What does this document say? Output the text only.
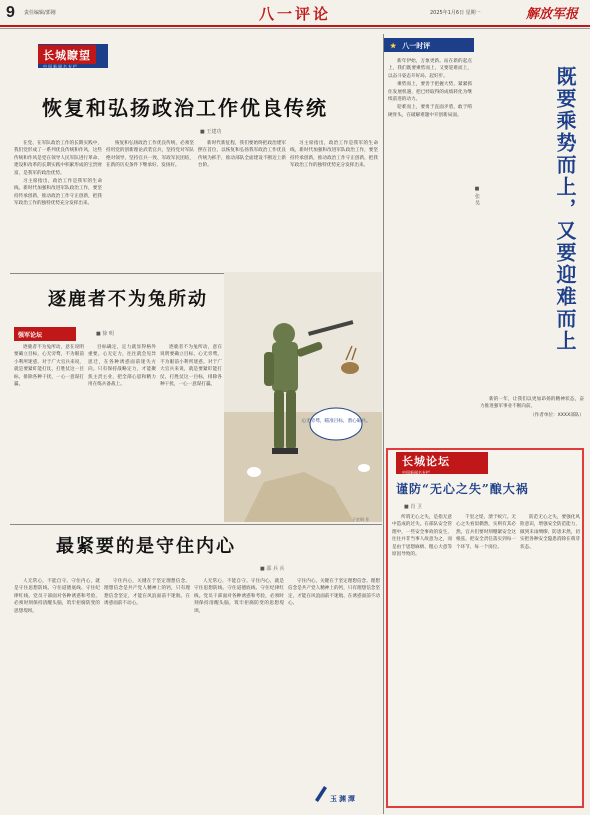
9 责任编辑/郭刚	八一评论	2025年1月6日 星期一	解放军报
长城瞭望
中国新闻名专栏
恢复和弘扬政治工作优良传统
■ 王建功

在党、在军队政治工作的长期实践中，我们党形成了一系列优良传统和作风，这些传统和作风是党在领导人民军队进行革命、建设和改革的长期实践中积累形成的宝贵财富，是我军的政治优势。

习主席指出，政治工作是我军的生命线。新时代加强和改进军队政治工作，要坚持传承创新，推动政治工作守正创新，把我军政治工作的独特优势充分发挥出来。

恢复和弘扬政治工作优良传统，必须坚持用党的创新理论武装官兵，坚持党对军队绝对领导，坚持官兵一致、军政军民团结，在新的历史条件下继承好、发扬好。

新时代新征程，我们要始终把政治建军摆在首位，以恢复和弘扬我军政治工作优良传统为抓手，推动部队全面建设不断迈上新台阶。

习主席指出，政治工作是我军的生命线。新时代加强和改进军队政治工作，要坚持传承创新，推动政治工作守正创新，把我军政治工作的独特优势充分发挥出来。

逐鹿者不为兔所动
强军论坛	■ 徐 明

逐鹿者不为兔所动，意在说明要确立目标，心无旁骛，不为眼前小利所迷惑。对于广大官兵来说，就是要紧盯能打仗、打胜仗这一目标，排除各种干扰，一心一意谋打赢。

目标确定，定力就显得格外重要。心无定力，往往就会见异思迁，在各种诱惑面前迷失方向。只有保持战略定力，才能聚焦主责主业，把全部心思和精力用在练兵备战上。

逐鹿者不为兔所动，意在说明要确立目标，心无旁骛，不为眼前小利所迷惑。对于广大官兵来说，就是要紧盯能打仗、打胜仗这一目标，排除各种干扰，一心一意谋打赢。

心无旁骛，瞄准目标，潜心砺兵。
于宏纲 作
最紧要的是守住内心
■ 邵 兵 兵

人无常心，不能自守。守住内心，就是守住思想防线、守住道德底线、守住纪律红线。党员干部面对各种诱惑和考验，必须时刻保持清醒头脑，筑牢拒腐防变的思想堤坝。

守住内心，关键在于坚定理想信念。理想信念是共产党人精神上的钙，只有理想信念坚定，才能在风浪面前不迷航、在诱惑面前不动心。

人无常心，不能自守。守住内心，就是守住思想防线、守住道德底线、守住纪律红线。党员干部面对各种诱惑和考验，必须时刻保持清醒头脑，筑牢拒腐防变的思想堤坝。

守住内心，关键在于坚定理想信念。理想信念是共产党人精神上的钙，只有理想信念坚定，才能在风浪面前不迷航、在诱惑面前不动心。

玉 渊 潭
★ 八一时评
既要乘势而上，又要迎难而上
■ 张 昊

新年伊始，万象更新。站在新的起点上，我们既要乘势而上，又要迎难而上，以奋斗姿态开好局、起好步。

乘势而上，要善于把握大势，紧紧抓住发展机遇，把已经取得的成绩转化为继续前进的动力。

迎难而上，要勇于直面矛盾，敢于啃硬骨头，在破解难题中开创新局面。

新的一年，让我们以更加昂扬的精神状态，奋力推进强军事业不断向前。

（作者单位：XXXX部队）

长城论坛
中国新闻名专栏
谨防“无心之失”酿大祸
■ 肖 卫

所谓无心之失，是指无意中造成的过失。在部队安全管理中，一些安全事故的发生，往往并非当事人故意为之，而是由于思想麻痹、粗心大意等原因导致的。

千里之堤，溃于蚁穴。无心之失看似偶然，实则有其必然。官兵们要时刻绷紧安全这根弦，把安全责任落实到每一个环节、每一个岗位。

防范无心之失，要强化风险意识，增强安全防范能力，做到未雨绸缪、防患未然，切实把各种安全隐患消除在萌芽状态。
